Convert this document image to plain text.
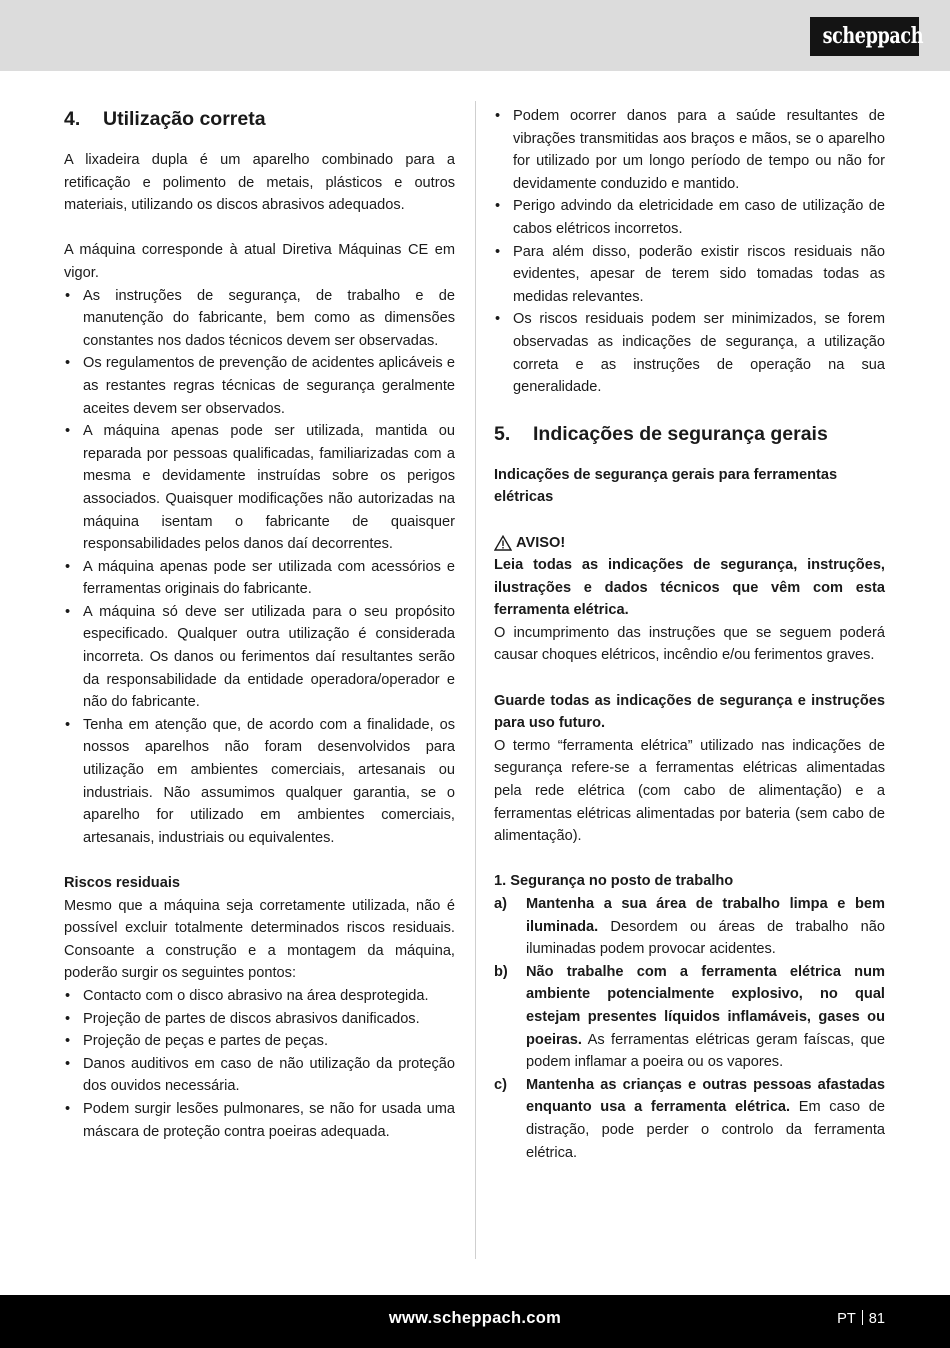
scheppach
4.	Utilização correta

A lixadeira dupla é um aparelho combinado para a retificação e polimento de metais, plásticos e outros materiais, utilizando os discos abrasivos adequados.

A máquina corresponde à atual Diretiva Máquinas CE em vigor.

• As instruções de segurança, de trabalho e de manutenção do fabricante, bem como as dimensões constantes nos dados técnicos devem ser observadas.
• Os regulamentos de prevenção de acidentes aplicáveis e as restantes regras técnicas de segurança geralmente aceites devem ser observados.
• A máquina apenas pode ser utilizada, mantida ou reparada por pessoas qualificadas, familiarizadas com a mesma e devidamente instruídas sobre os perigos associados. Quaisquer modificações não autorizadas na máquina isentam o fabricante de quaisquer responsabilidades pelos danos daí decorrentes.
• A máquina apenas pode ser utilizada com acessórios e ferramentas originais do fabricante.
• A máquina só deve ser utilizada para o seu propósito especificado. Qualquer outra utilização é considerada incorreta. Os danos ou ferimentos daí resultantes serão da responsabilidade da entidade operadora/operador e não do fabricante.
• Tenha em atenção que, de acordo com a finalidade, os nossos aparelhos não foram desenvolvidos para utilização em ambientes comerciais, artesanais ou industriais. Não assumimos qualquer garantia, se o aparelho for utilizado em ambientes comerciais, artesanais, industriais ou equivalentes.

Riscos residuais

Mesmo que a máquina seja corretamente utilizada, não é possível excluir totalmente determinados riscos residuais. Consoante a construção e a montagem da máquina, poderão surgir os seguintes pontos:

• Contacto com o disco abrasivo na área desprotegida.
• Projeção de partes de discos abrasivos danificados.
• Projeção de peças e partes de peças.
• Danos auditivos em caso de não utilização da proteção dos ouvidos necessária.
• Podem surgir lesões pulmonares, se não for usada uma máscara de proteção contra poeiras adequada.
• Podem ocorrer danos para a saúde resultantes de vibrações transmitidas aos braços e mãos, se o aparelho for utilizado por um longo período de tempo ou não for devidamente conduzido e mantido.
• Perigo advindo da eletricidade em caso de utilização de cabos elétricos incorretos.
• Para além disso, poderão existir riscos residuais não evidentes, apesar de terem sido tomadas todas as medidas relevantes.
• Os riscos residuais podem ser minimizados, se forem observadas as indicações de segurança, a utilização correta e as instruções de operação na sua generalidade.
5.	Indicações de segurança gerais

Indicações de segurança gerais para ferramentas elétricas

AVISO!

Leia todas as indicações de segurança, instruções, ilustrações e dados técnicos que vêm com esta ferramenta elétrica.

O incumprimento das instruções que se seguem poderá causar choques elétricos, incêndio e/ou ferimentos graves.

Guarde todas as indicações de segurança e instruções para uso futuro.

O termo “ferramenta elétrica” utilizado nas indicações de segurança refere-se a ferramentas elétricas alimentadas pela rede elétrica (com cabo de alimentação) e a ferramentas elétricas alimentadas por bateria (sem cabo de alimentação).

1. Segurança no posto de trabalho

a)	Mantenha a sua área de trabalho limpa e bem iluminada. Desordem ou áreas de trabalho não iluminadas podem provocar acidentes.
b)	Não trabalhe com a ferramenta elétrica num ambiente potencialmente explosivo, no qual estejam presentes líquidos inflamáveis, gases ou poeiras. As ferramentas elétricas geram faíscas, que podem inflamar a poeira ou os vapores.
c)	Mantenha as crianças e outras pessoas afastadas enquanto usa a ferramenta elétrica. Em caso de distração, pode perder o controlo da ferramenta elétrica.
www.scheppach.com	PT 81
